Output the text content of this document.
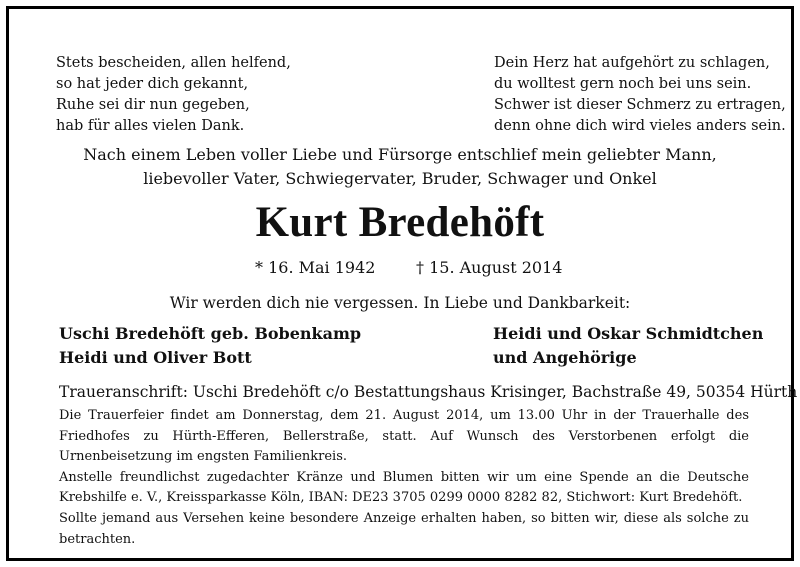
Stets bescheiden, allen helfend,
so hat jeder dich gekannt,
Ruhe sei dir nun gegeben,
hab für alles vielen Dank.
Dein Herz hat aufgehört zu schlagen,
du wolltest gern noch bei uns sein.
Schwer ist dieser Schmerz zu ertragen,
denn ohne dich wird vieles anders sein.
Nach einem Leben voller Liebe und Fürsorge entschlief mein geliebter Mann,
liebevoller Vater, Schwiegervater, Bruder, Schwager und Onkel
Kurt Bredehöft
* 16. Mai 1942	† 15. August 2014
Wir werden dich nie vergessen. In Liebe und Dankbarkeit:
Uschi Bredehöft geb. Bobenkamp
Heidi und Oliver Bott
Heidi und Oskar Schmidtchen
und Angehörige
Traueranschrift: Uschi Bredehöft c/o Bestattungshaus Krisinger, Bachstraße 49, 50354 Hürth

Die Trauerfeier findet am Donnerstag, dem 21. August 2014, um 13.00 Uhr in der Trauerhalle des Friedhofes zu Hürth-Efferen, Bellerstraße, statt. Auf Wunsch des Verstorbenen erfolgt die Urnenbeisetzung im engsten Familienkreis.

Anstelle freundlichst zugedachter Kränze und Blumen bitten wir um eine Spende an die Deutsche Krebshilfe e. V., Kreissparkasse Köln, IBAN: DE23 3705 0299 0000 8282 82, Stichwort: Kurt Bredehöft.

Sollte jemand aus Versehen keine besondere Anzeige erhalten haben, so bitten wir, diese als solche zu betrachten.
